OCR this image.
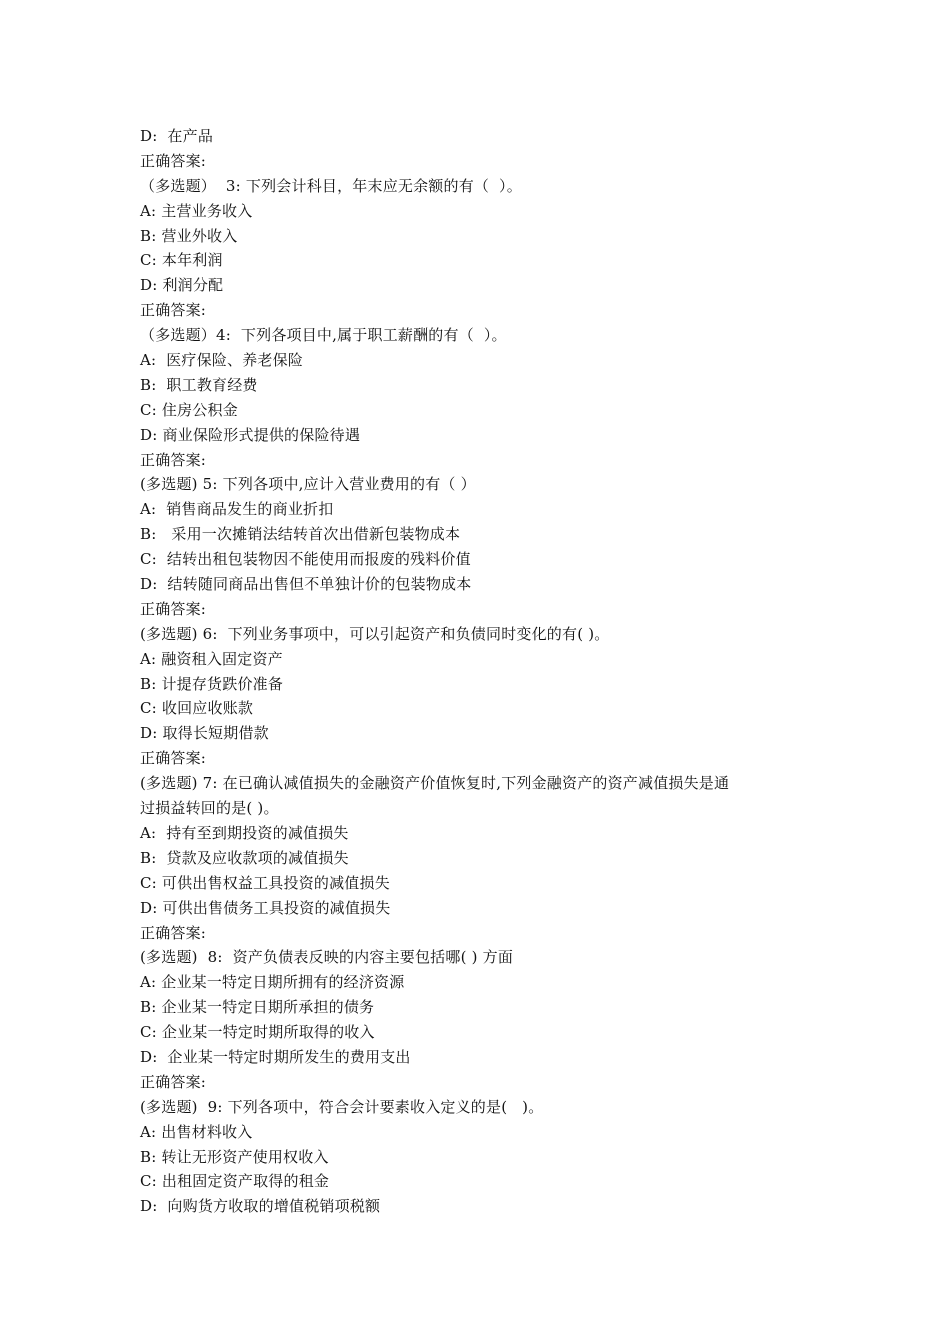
D:  在产品
正确答案:
（多选题）  3: 下列会计科目，年末应无余额的有（  ）。
A: 主营业务收入
B: 营业外收入
C: 本年利润
D: 利润分配
正确答案:
（多选题）4:  下列各项目中,属于职工薪酬的有（  ）。
A:  医疗保险、养老保险
B:  职工教育经费
C: 住房公积金
D: 商业保险形式提供的保险待遇
正确答案:
(多选题) 5: 下列各项中,应计入营业费用的有（ ）
A:  销售商品发生的商业折扣
B:   采用一次摊销法结转首次出借新包装物成本
C:  结转出租包装物因不能使用而报废的残料价值
D:  结转随同商品出售但不单独计价的包装物成本
正确答案:
(多选题) 6:  下列业务事项中，可以引起资产和负债同时变化的有( )。
A: 融资租入固定资产
B: 计提存货跌价准备
C: 收回应收账款
D: 取得长短期借款
正确答案:
(多选题) 7: 在已确认减值损失的金融资产价值恢复时,下列金融资产的资产减值损失是通
过损益转回的是( )。
A:  持有至到期投资的减值损失
B:  贷款及应收款项的减值损失
C: 可供出售权益工具投资的减值损失
D: 可供出售债务工具投资的减值损失
正确答案:
(多选题)  8:  资产负债表反映的内容主要包括哪( ) 方面
A: 企业某一特定日期所拥有的经济资源
B: 企业某一特定日期所承担的债务
C: 企业某一特定时期所取得的收入
D:  企业某一特定时期所发生的费用支出
正确答案:
(多选题)  9: 下列各项中，符合会计要素收入定义的是(   )。
A: 出售材料收入
B: 转让无形资产使用权收入
C: 出租固定资产取得的租金
D:  向购货方收取的增值税销项税额
